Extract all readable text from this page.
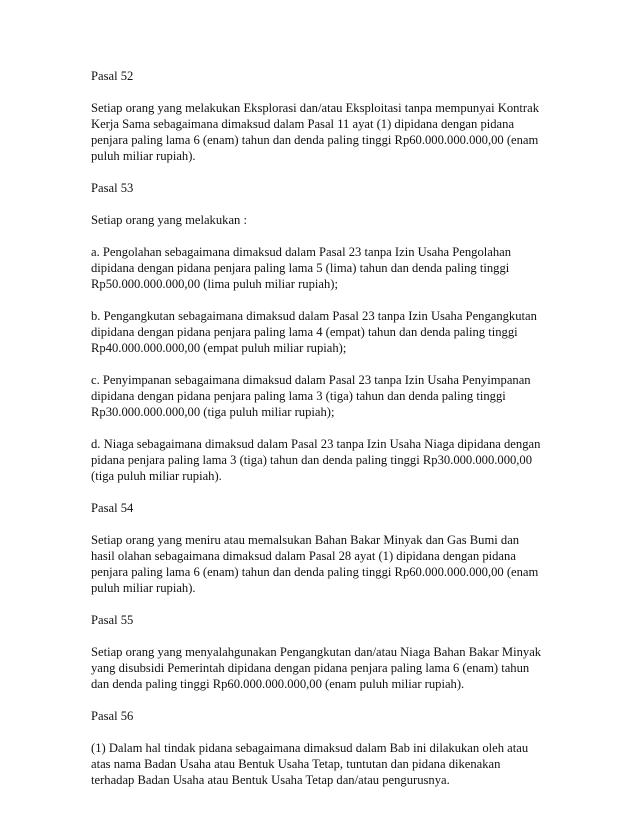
Pasal 52

Setiap orang yang melakukan Eksplorasi dan/atau Eksploitasi tanpa mempunyai Kontrak
Kerja Sama sebagaimana dimaksud dalam Pasal 11 ayat (1) dipidana dengan pidana
penjara paling lama 6 (enam) tahun dan denda paling tinggi Rp60.000.000.000,00 (enam
puluh miliar rupiah).

Pasal 53

Setiap orang yang melakukan :

a. Pengolahan sebagaimana dimaksud dalam Pasal 23 tanpa Izin Usaha Pengolahan
dipidana dengan pidana penjara paling lama 5 (lima) tahun dan denda paling tinggi
Rp50.000.000.000,00 (lima puluh miliar rupiah);

b. Pengangkutan sebagaimana dimaksud dalam Pasal 23 tanpa Izin Usaha Pengangkutan
dipidana dengan pidana penjara paling lama 4 (empat) tahun dan denda paling tinggi
Rp40.000.000.000,00 (empat puluh miliar rupiah);

c. Penyimpanan sebagaimana dimaksud dalam Pasal 23 tanpa Izin Usaha Penyimpanan
dipidana dengan pidana penjara paling lama 3 (tiga) tahun dan denda paling tinggi
Rp30.000.000.000,00 (tiga puluh miliar rupiah);

d. Niaga sebagaimana dimaksud dalam Pasal 23 tanpa Izin Usaha Niaga dipidana dengan
pidana penjara paling lama 3 (tiga) tahun dan denda paling tinggi Rp30.000.000.000,00
(tiga puluh miliar rupiah).

Pasal 54

Setiap orang yang meniru atau memalsukan Bahan Bakar Minyak dan Gas Bumi dan
hasil olahan sebagaimana dimaksud dalam Pasal 28 ayat (1) dipidana dengan pidana
penjara paling lama 6 (enam) tahun dan denda paling tinggi Rp60.000.000.000,00 (enam
puluh miliar rupiah).

Pasal 55

Setiap orang yang menyalahgunakan Pengangkutan dan/atau Niaga Bahan Bakar Minyak
yang disubsidi Pemerintah dipidana dengan pidana penjara paling lama 6 (enam) tahun
dan denda paling tinggi Rp60.000.000.000,00 (enam puluh miliar rupiah).

Pasal 56

(1) Dalam hal tindak pidana sebagaimana dimaksud dalam Bab ini dilakukan oleh atau
atas nama Badan Usaha atau Bentuk Usaha Tetap, tuntutan dan pidana dikenakan
terhadap Badan Usaha atau Bentuk Usaha Tetap dan/atau pengurusnya.
